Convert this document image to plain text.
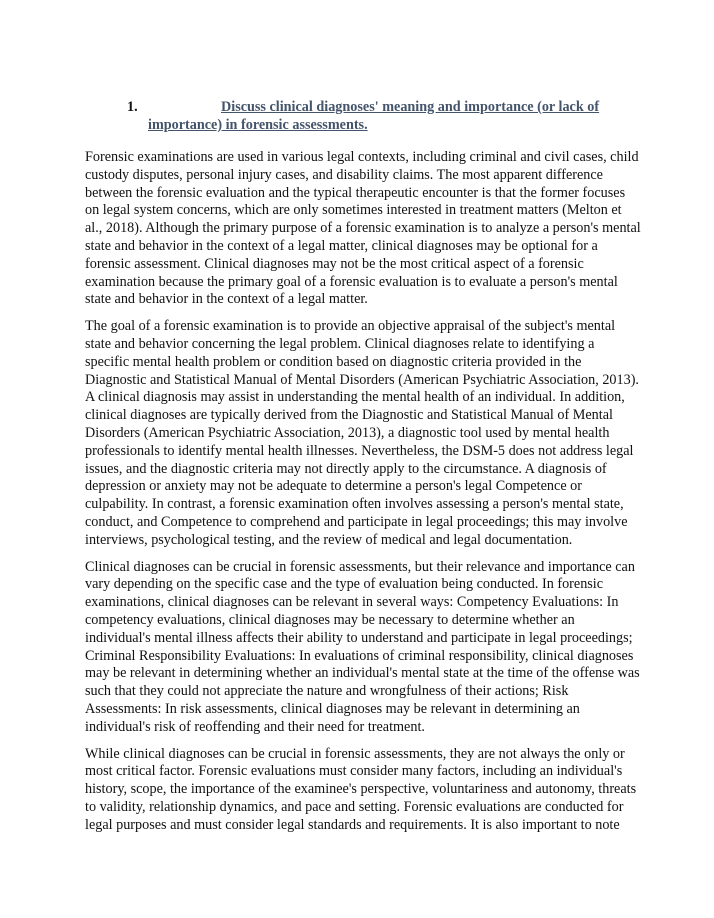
1.	Discuss clinical diagnoses' meaning and importance (or lack of importance) in forensic assessments.

Forensic examinations are used in various legal contexts, including criminal and civil cases, child custody disputes, personal injury cases, and disability claims. The most apparent difference between the forensic evaluation and the typical therapeutic encounter is that the former focuses on legal system concerns, which are only sometimes interested in treatment matters (Melton et al., 2018). Although the primary purpose of a forensic examination is to analyze a person's mental state and behavior in the context of a legal matter, clinical diagnoses may be optional for a forensic assessment. Clinical diagnoses may not be the most critical aspect of a forensic examination because the primary goal of a forensic evaluation is to evaluate a person's mental state and behavior in the context of a legal matter.

The goal of a forensic examination is to provide an objective appraisal of the subject's mental state and behavior concerning the legal problem. Clinical diagnoses relate to identifying a specific mental health problem or condition based on diagnostic criteria provided in the Diagnostic and Statistical Manual of Mental Disorders (American Psychiatric Association, 2013). A clinical diagnosis may assist in understanding the mental health of an individual. In addition, clinical diagnoses are typically derived from the Diagnostic and Statistical Manual of Mental Disorders (American Psychiatric Association, 2013), a diagnostic tool used by mental health professionals to identify mental health illnesses. Nevertheless, the DSM-5 does not address legal issues, and the diagnostic criteria may not directly apply to the circumstance. A diagnosis of depression or anxiety may not be adequate to determine a person's legal Competence or culpability. In contrast, a forensic examination often involves assessing a person's mental state, conduct, and Competence to comprehend and participate in legal proceedings; this may involve interviews, psychological testing, and the review of medical and legal documentation.

Clinical diagnoses can be crucial in forensic assessments, but their relevance and importance can vary depending on the specific case and the type of evaluation being conducted. In forensic examinations, clinical diagnoses can be relevant in several ways: Competency Evaluations: In competency evaluations, clinical diagnoses may be necessary to determine whether an individual's mental illness affects their ability to understand and participate in legal proceedings; Criminal Responsibility Evaluations: In evaluations of criminal responsibility, clinical diagnoses may be relevant in determining whether an individual's mental state at the time of the offense was such that they could not appreciate the nature and wrongfulness of their actions; Risk Assessments: In risk assessments, clinical diagnoses may be relevant in determining an individual's risk of reoffending and their need for treatment.

While clinical diagnoses can be crucial in forensic assessments, they are not always the only or most critical factor. Forensic evaluations must consider many factors, including an individual's history, scope, the importance of the examinee's perspective, voluntariness and autonomy, threats to validity, relationship dynamics, and pace and setting. Forensic evaluations are conducted for legal purposes and must consider legal standards and requirements. It is also important to note
